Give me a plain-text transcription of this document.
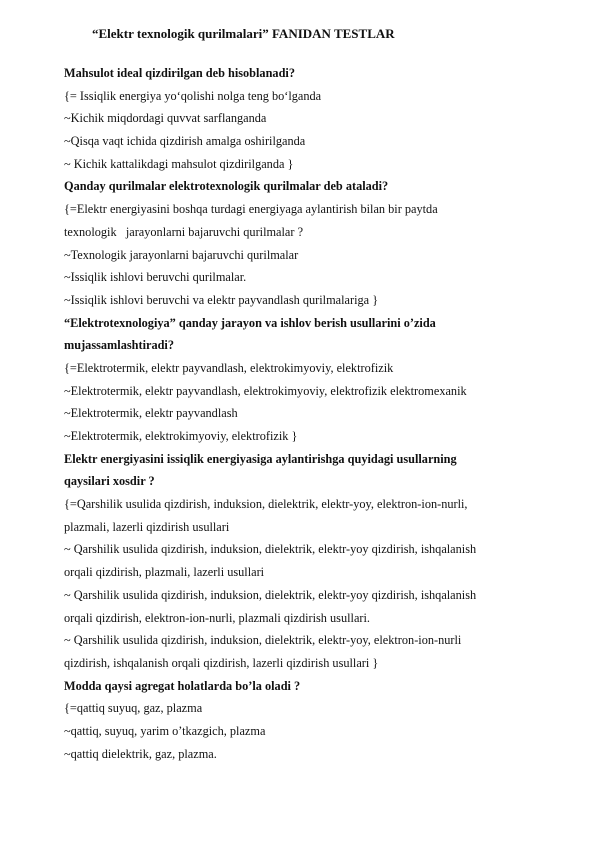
“Elektr texnologik qurilmalari” FANIDAN TESTLAR
Mahsulot ideal qizdirilgan deb hisoblanadi?
{= Issiqlik energiya yo‘qolishi nolga teng bo‘lganda
~Kichik miqdordagi quvvat sarflanganda
~Qisqa vaqt ichida qizdirish amalga oshirilganda
~ Kichik kattalikdagi mahsulot qizdirilganda }
Qanday qurilmalar elektrotexnologik qurilmalar deb ataladi?
{=Elektr energiyasini boshqa turdagi energiyaga aylantirish bilan bir paytda
texnologik   jarayonlarni bajaruvchi qurilmalar ?
~Texnologik jarayonlarni bajaruvchi qurilmalar
~Issiqlik ishlovi beruvchi qurilmalar.
~Issiqlik ishlovi beruvchi va elektr payvandlash qurilmalariga }
“Elektrotexnologiya” qanday jarayon va ishlov berish usullarini o’zida
mujassamlashtiradi?
{=Elektrotermik, elektr payvandlash, elektrokimyoviy, elektrofizik
~Elektrotermik, elektr payvandlash, elektrokimyoviy, elektrofizik elektromexanik
~Elektrotermik, elektr payvandlash
~Elektrotermik, elektrokimyoviy, elektrofizik }
Elektr energiyasini issiqlik energiyasiga aylantirishga quyidagi usullarning
qaysilari xosdir ?
{=Qarshilik usulida qizdirish, induksion, dielektrik, elektr-yoy, elektron-ion-nurli,
plazmali, lazerli qizdirish usullari
~ Qarshilik usulida qizdirish, induksion, dielektrik, elektr-yoy qizdirish, ishqalanish
orqali qizdirish, plazmali, lazerli usullari
~ Qarshilik usulida qizdirish, induksion, dielektrik, elektr-yoy qizdirish, ishqalanish
orqali qizdirish, elektron-ion-nurli, plazmali qizdirish usullari.
~ Qarshilik usulida qizdirish, induksion, dielektrik, elektr-yoy, elektron-ion-nurli
qizdirish, ishqalanish orqali qizdirish, lazerli qizdirish usullari }
Modda qaysi agregat holatlarda bo’la oladi ?
{=qattiq suyuq, gaz, plazma
~qattiq, suyuq, yarim o’tkazgich, plazma
~qattiq dielektrik, gaz, plazma.
